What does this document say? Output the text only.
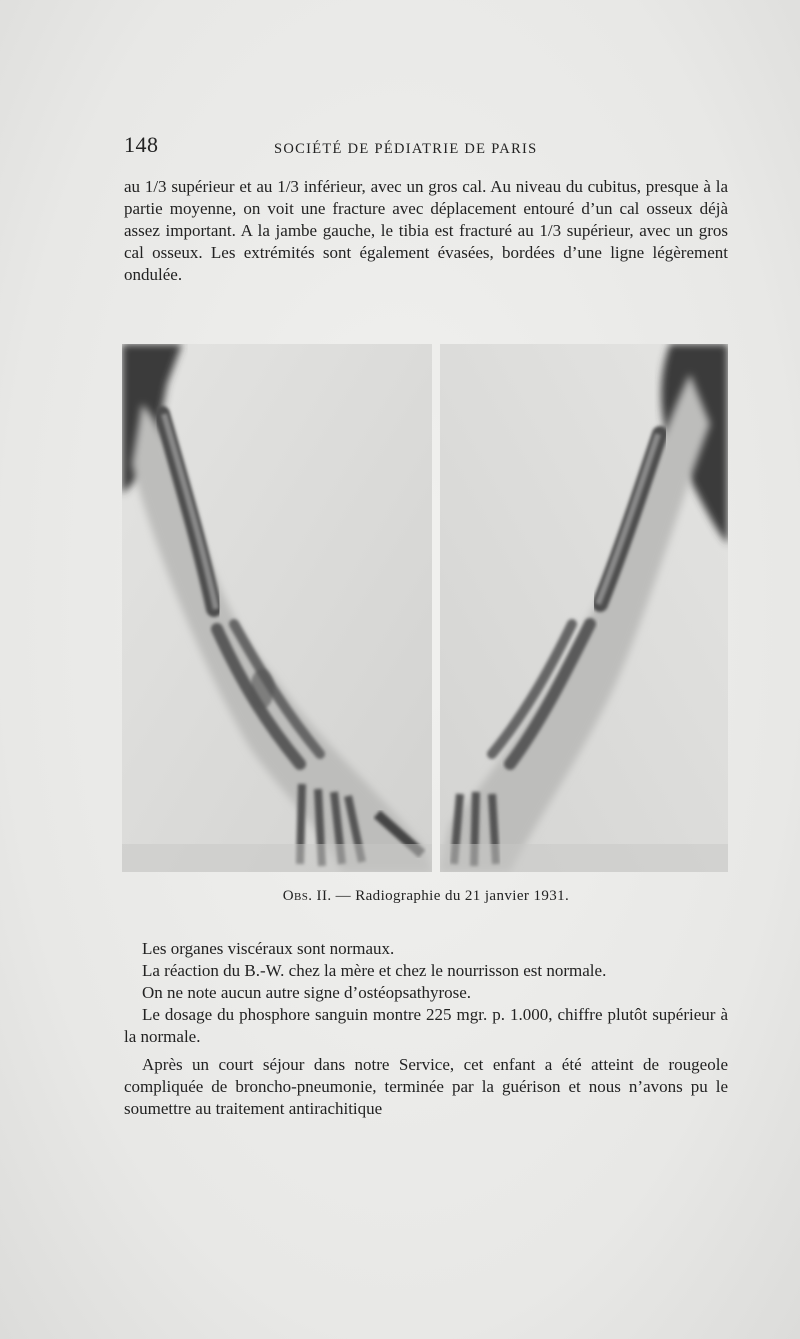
148	SOCIÉTÉ DE PÉDIATRIE DE PARIS

au 1/3 supérieur et au 1/3 inférieur, avec un gros cal. Au niveau du cubitus, presque à la partie moyenne, on voit une fracture avec déplacement entouré d’un cal osseux déjà assez important. A la jambe gauche, le tibia est fracturé au 1/3 supérieur, avec un gros cal osseux. Les extrémités sont également évasées, bordées d’une ligne légèrement ondulée.

Obs. II. — Radiographie du 21 janvier 1931.

Les organes viscéraux sont normaux.

La réaction du B.-W. chez la mère et chez le nourrisson est normale.

On ne note aucun autre signe d’ostéopsathyrose.

Le dosage du phosphore sanguin montre 225 mgr. p. 1.000, chiffre plutôt supérieur à la normale.

Après un court séjour dans notre Service, cet enfant a été atteint de rougeole compliquée de broncho-pneumonie, terminée par la guérison et nous n’avons pu le soumettre au traitement antirachitique
